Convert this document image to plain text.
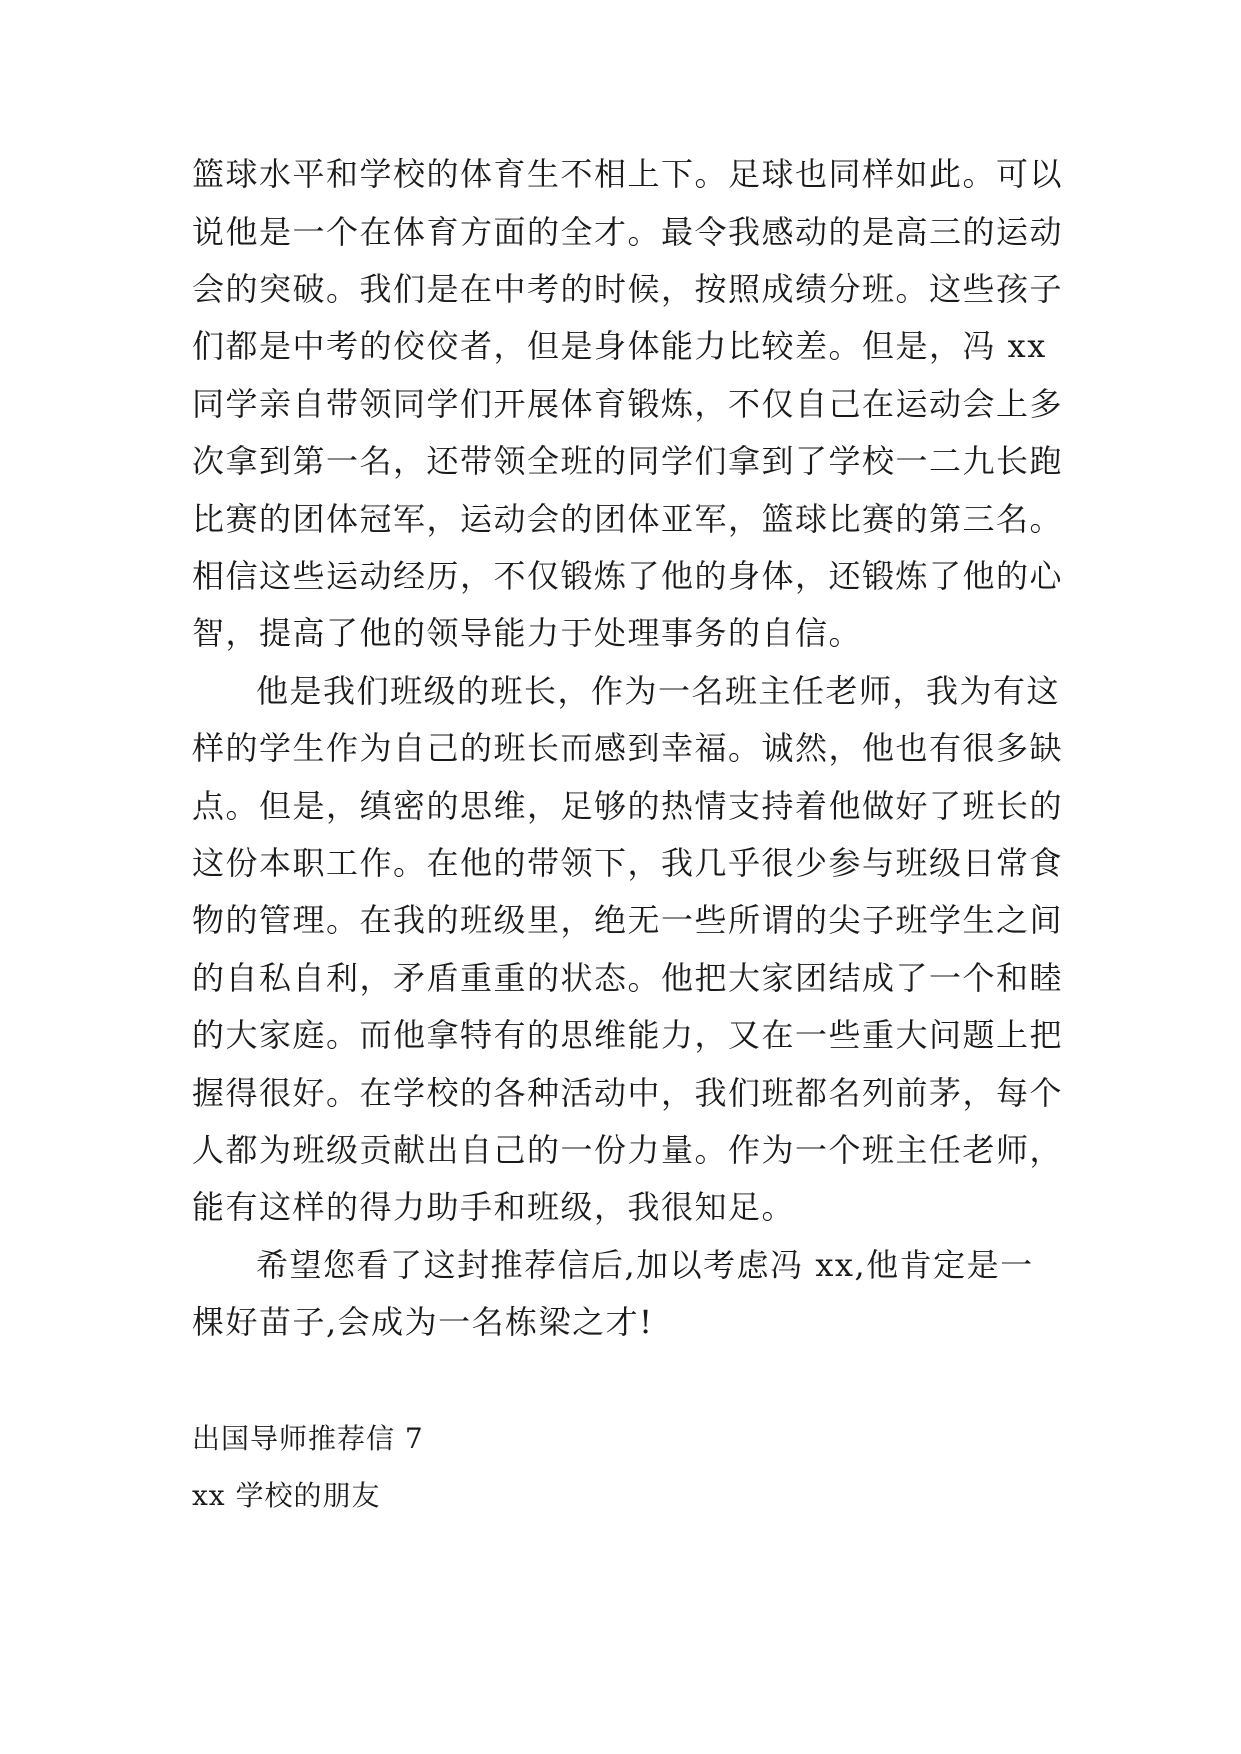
篮球水平和学校的体育生不相上下。足球也同样如此。可以
说他是一个在体育方面的全才。最令我感动的是高三的运动
会的突破。我们是在中考的时候，按照成绩分班。这些孩子
们都是中考的佼佼者，但是身体能力比较差。但是，冯 xx
同学亲自带领同学们开展体育锻炼，不仅自己在运动会上多
次拿到第一名，还带领全班的同学们拿到了学校一二九长跑
比赛的团体冠军，运动会的团体亚军，篮球比赛的第三名。
相信这些运动经历，不仅锻炼了他的身体，还锻炼了他的心
智，提高了他的领导能力于处理事务的自信。
他是我们班级的班长，作为一名班主任老师，我为有这
样的学生作为自己的班长而感到幸福。诚然，他也有很多缺
点。但是，缜密的思维，足够的热情支持着他做好了班长的
这份本职工作。在他的带领下，我几乎很少参与班级日常食
物的管理。在我的班级里，绝无一些所谓的尖子班学生之间
的自私自利，矛盾重重的状态。他把大家团结成了一个和睦
的大家庭。而他拿特有的思维能力，又在一些重大问题上把
握得很好。在学校的各种活动中，我们班都名列前茅，每个
人都为班级贡献出自己的一份力量。作为一个班主任老师，
能有这样的得力助手和班级，我很知足。
希望您看了这封推荐信后,加以考虑冯 xx,他肯定是一
棵好苗子,会成为一名栋梁之才!
出国导师推荐信 7
xx 学校的朋友
